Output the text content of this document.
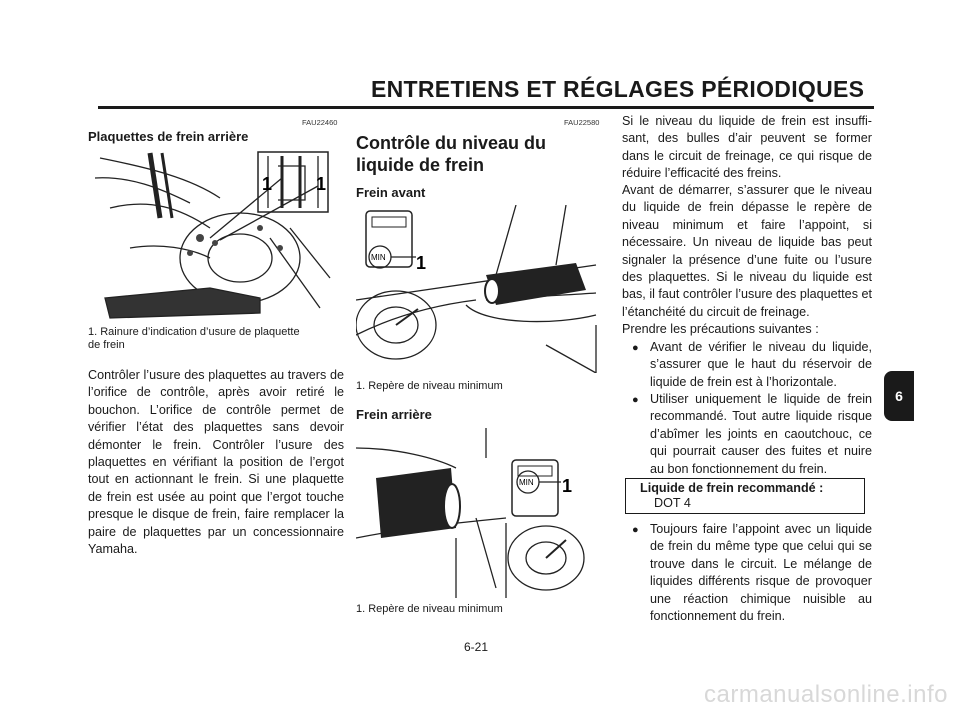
ENTRETIENS ET RÉGLAGES PÉRIODIQUES
FAU22460
Plaquettes de frein arrière
1 1
1. Rainure d’indication d’usure de plaquette
de frein
Contrôler l’usure des plaquettes au travers de l’orifice de contrôle, après avoir retiré le bouchon. L’orifice de contrôle permet de vérifier l’état des plaquettes sans devoir démonter le frein. Contrôler l’usure des plaquettes en vérifiant la position de l’ergot tout en actionnant le frein. Si une plaquette de frein est usée au point que l’ergot touche presque le disque de frein, faire remplacer la paire de plaquettes par un concessionnaire Yamaha.
FAU22580
Contrôle du niveau du liquide de frein
Frein avant
MIN 1
1. Repère de niveau minimum
Frein arrière
MIN 1
1. Repère de niveau minimum
Si le niveau du liquide de frein est insuffisant, des bulles d’air peuvent se former dans le circuit de freinage, ce qui risque de réduire l’efficacité des freins.
Avant de démarrer, s’assurer que le niveau du liquide de frein dépasse le repère de niveau minimum et faire l’appoint, si nécessaire. Un niveau de liquide bas peut signaler la présence d’une fuite ou l’usure des plaquettes. Si le niveau du liquide est bas, il faut contrôler l’usure des plaquettes et l’étanchéité du circuit de freinage.
Prendre les précautions suivantes :
● Avant de vérifier le niveau du liquide, s’assurer que le haut du réservoir de liquide de frein est à l’horizontale.
● Utiliser uniquement le liquide de frein recommandé. Tout autre liquide risque d’abîmer les joints en caoutchouc, ce qui pourrait causer des fuites et nuire au bon fonctionnement du frein.
Liquide de frein recommandé :
DOT 4
● Toujours faire l’appoint avec un liquide de frein du même type que celui qui se trouve dans le circuit. Le mélange de liquides différents risque de provoquer une réaction chimique nuisible au fonctionnement du frein.
6-21
6
carmanualsonline.info
